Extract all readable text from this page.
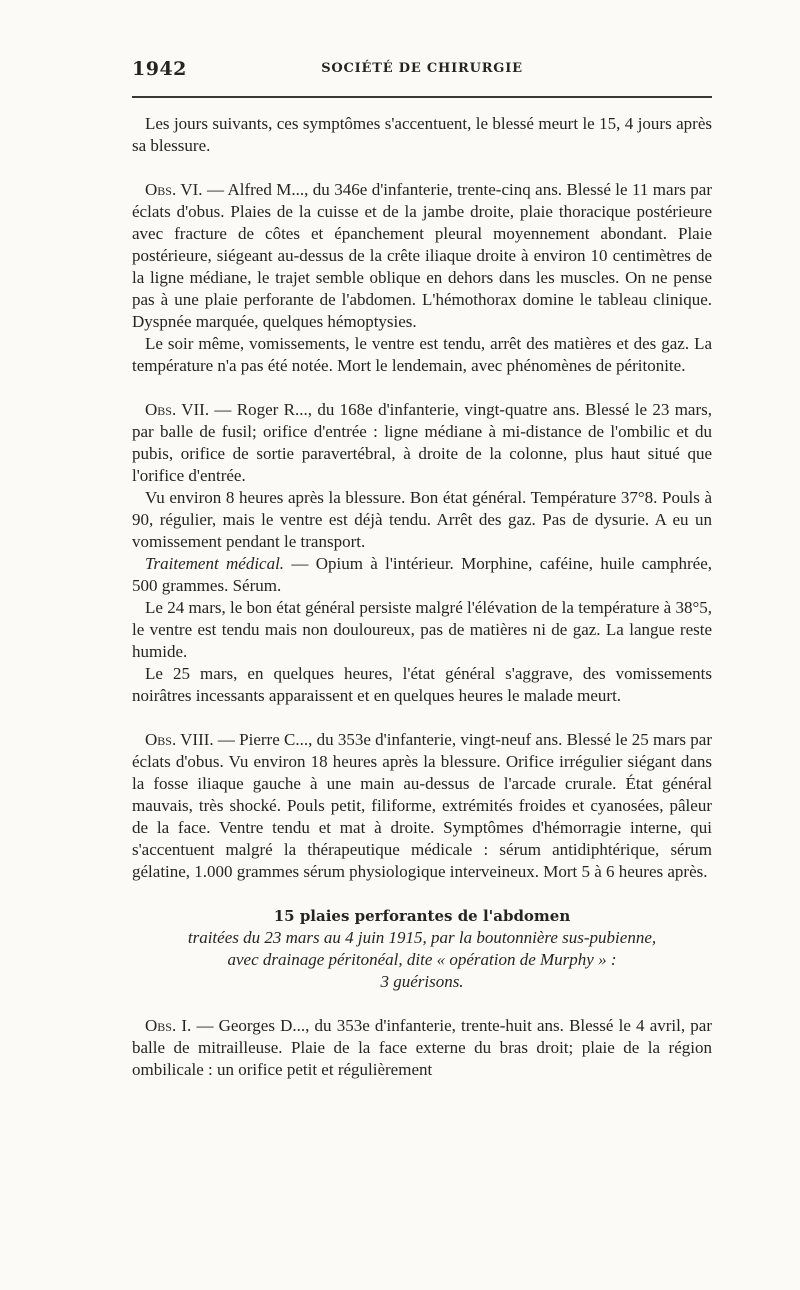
1942	SOCIÉTÉ DE CHIRURGIE

Les jours suivants, ces symptômes s'accentuent, le blessé meurt le 15, 4 jours après sa blessure.

Obs. VI. — Alfred M..., du 346e d'infanterie, trente-cinq ans. Blessé le 11 mars par éclats d'obus. Plaies de la cuisse et de la jambe droite, plaie thoracique postérieure avec fracture de côtes et épanchement pleural moyennement abondant. Plaie postérieure, siégeant au-dessus de la crête iliaque droite à environ 10 centimètres de la ligne médiane, le trajet semble oblique en dehors dans les muscles. On ne pense pas à une plaie perforante de l'abdomen. L'hémothorax domine le tableau clinique. Dyspnée marquée, quelques hémoptysies.

Le soir même, vomissements, le ventre est tendu, arrêt des matières et des gaz. La température n'a pas été notée. Mort le lendemain, avec phénomènes de péritonite.

Obs. VII. — Roger R..., du 168e d'infanterie, vingt-quatre ans. Blessé le 23 mars, par balle de fusil; orifice d'entrée : ligne médiane à mi-distance de l'ombilic et du pubis, orifice de sortie paravertébral, à droite de la colonne, plus haut situé que l'orifice d'entrée.

Vu environ 8 heures après la blessure. Bon état général. Température 37°8. Pouls à 90, régulier, mais le ventre est déjà tendu. Arrêt des gaz. Pas de dysurie. A eu un vomissement pendant le transport.

Traitement médical. — Opium à l'intérieur. Morphine, caféine, huile camphrée, 500 grammes. Sérum.

Le 24 mars, le bon état général persiste malgré l'élévation de la température à 38°5, le ventre est tendu mais non douloureux, pas de matières ni de gaz. La langue reste humide.

Le 25 mars, en quelques heures, l'état général s'aggrave, des vomissements noirâtres incessants apparaissent et en quelques heures le malade meurt.

Obs. VIII. — Pierre C..., du 353e d'infanterie, vingt-neuf ans. Blessé le 25 mars par éclats d'obus. Vu environ 18 heures après la blessure. Orifice irrégulier siégant dans la fosse iliaque gauche à une main au-dessus de l'arcade crurale. État général mauvais, très shocké. Pouls petit, filiforme, extrémités froides et cyanosées, pâleur de la face. Ventre tendu et mat à droite. Symptômes d'hémorragie interne, qui s'accentuent malgré la thérapeutique médicale : sérum antidiphtérique, sérum gélatine, 1.000 grammes sérum physiologique interveineux. Mort 5 à 6 heures après.

15 plaies perforantes de l'abdomen
traitées du 23 mars au 4 juin 1915, par la boutonnière sus-pubienne,
avec drainage péritonéal, dite « opération de Murphy » :
3 guérisons.

Obs. I. — Georges D..., du 353e d'infanterie, trente-huit ans. Blessé le 4 avril, par balle de mitrailleuse. Plaie de la face externe du bras droit; plaie de la région ombilicale : un orifice petit et régulièrement
